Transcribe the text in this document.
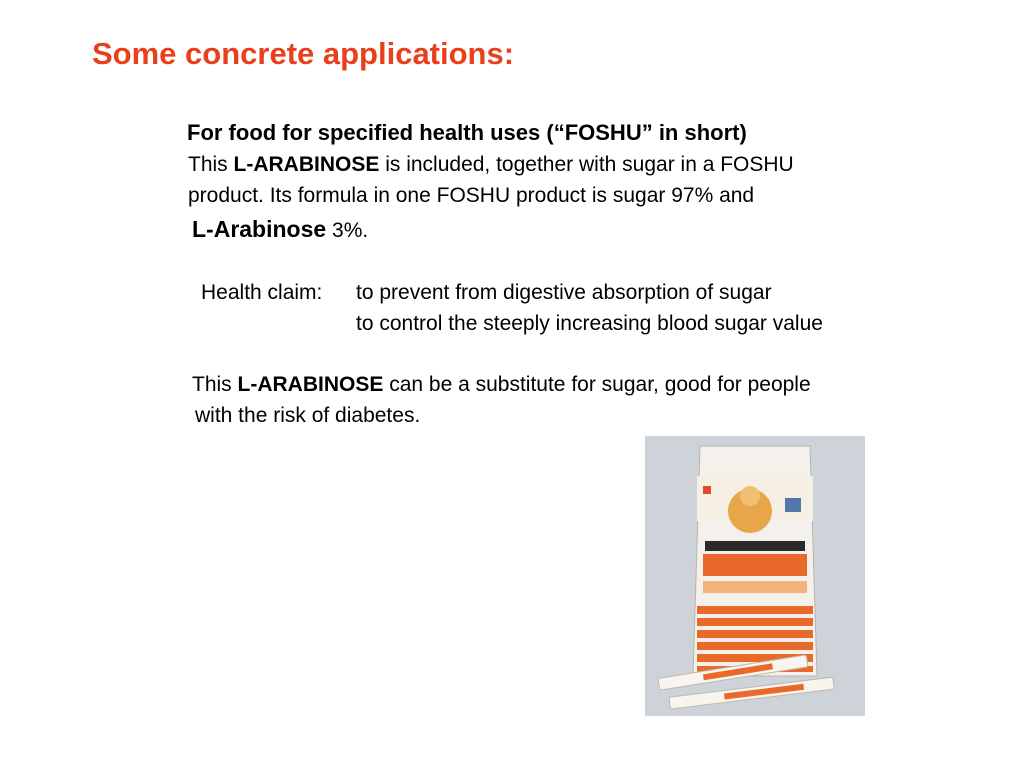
Some concrete applications:
For food for specified health uses (“FOSHU” in short)
This L-ARABINOSE is included, together with sugar in a FOSHU
product. Its formula in one FOSHU product is sugar 97% and
L-Arabinose 3%.
Health claim: to prevent from digestive absorption of sugar
to control the steeply increasing blood sugar value
This L-ARABINOSE can be a substitute for sugar, good for people
with the risk of diabetes.
